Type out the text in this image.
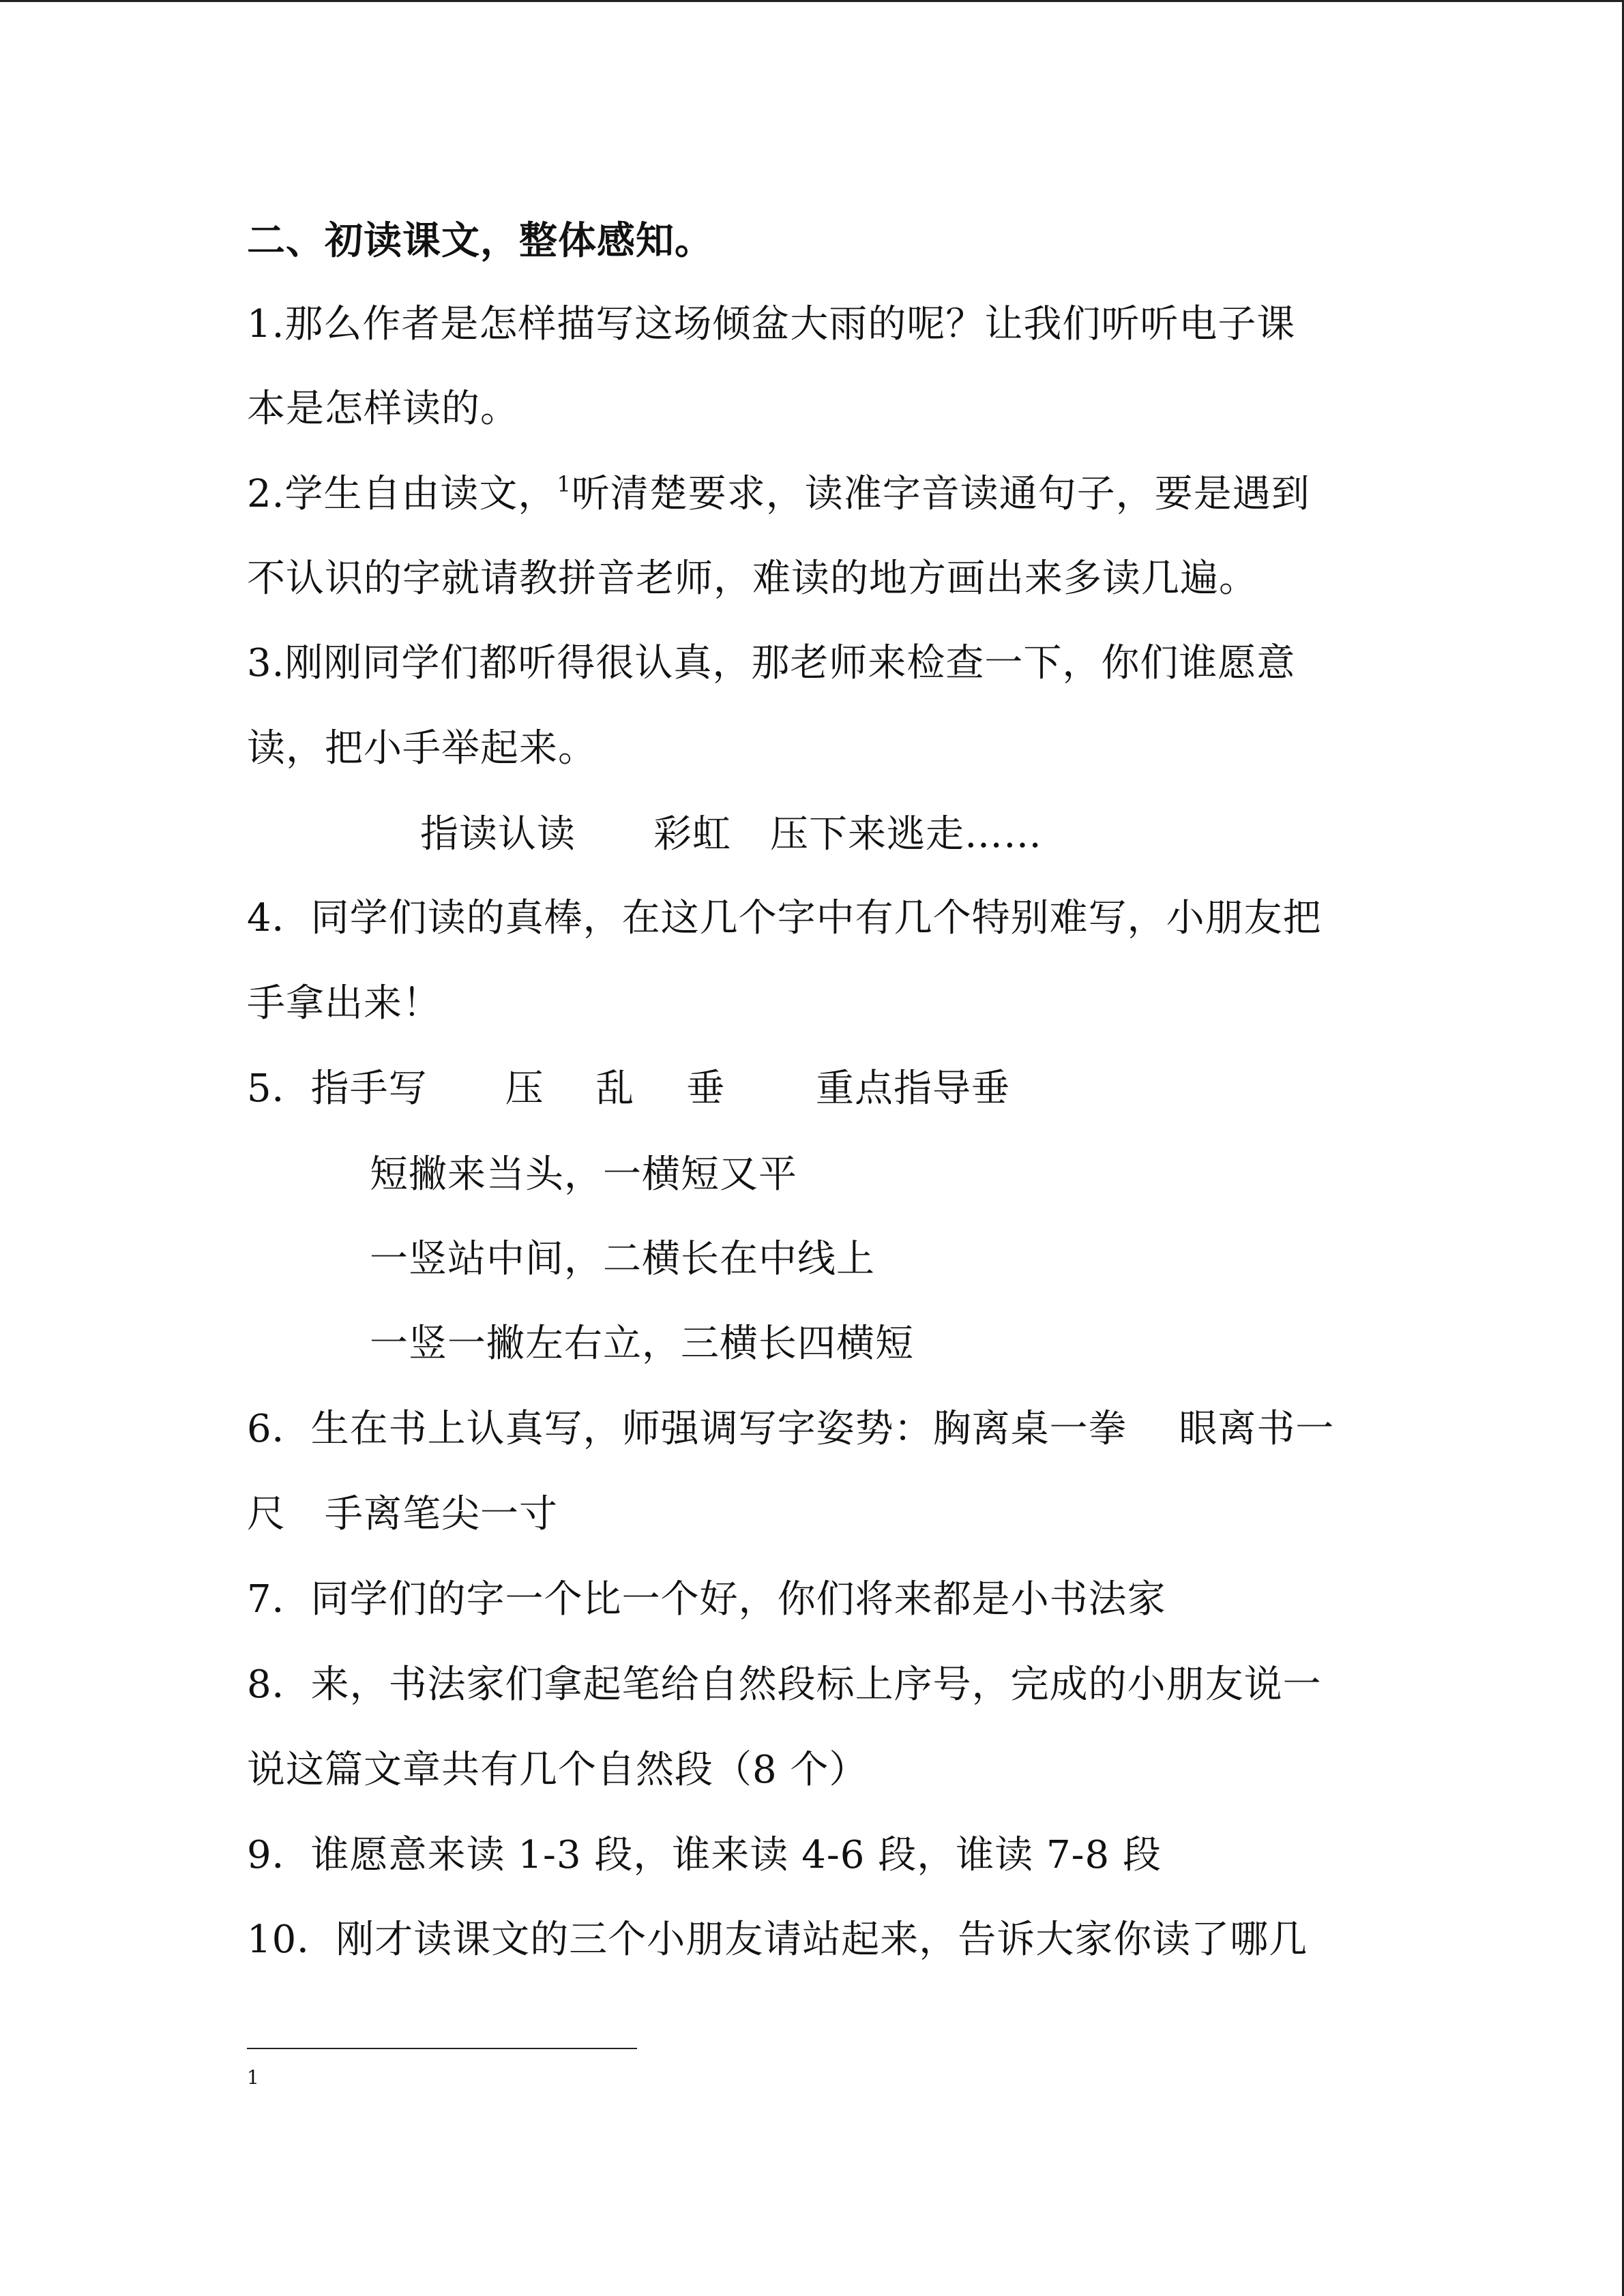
二、初读课文，整体感知。
1.那么作者是怎样描写这场倾盆大雨的呢？让我们听听电子课
本是怎样读的。
2.学生自由读文，$^1$听清楚要求，读准字音读通句子，要是遇到
不认识的字就请教拼音老师，难读的地方画出来多读几遍。
3.刚刚同学们都听得很认真，那老师来检查一下，你们谁愿意
读，把小手举起来。
指读认读　　彩虹　压下来逃走……
4．同学们读的真棒，在这几个字中有几个特别难写，小朋友把
手拿出来！
5．指手写　　压　 乱　 垂　　 重点指导垂
短撇来当头，一横短又平
一竖站中间，二横长在中线上
一竖一撇左右立，三横长四横短
6．生在书上认真写，师强调写字姿势：胸离桌一拳　 眼离书一
尺　手离笔尖一寸
7．同学们的字一个比一个好，你们将来都是小书法家
8．来，书法家们拿起笔给自然段标上序号，完成的小朋友说一
说这篇文章共有几个自然段（8 个）
9．谁愿意来读 1-3 段，谁来读 4-6 段，谁读 7-8 段
10．刚才读课文的三个小朋友请站起来，告诉大家你读了哪几
1
